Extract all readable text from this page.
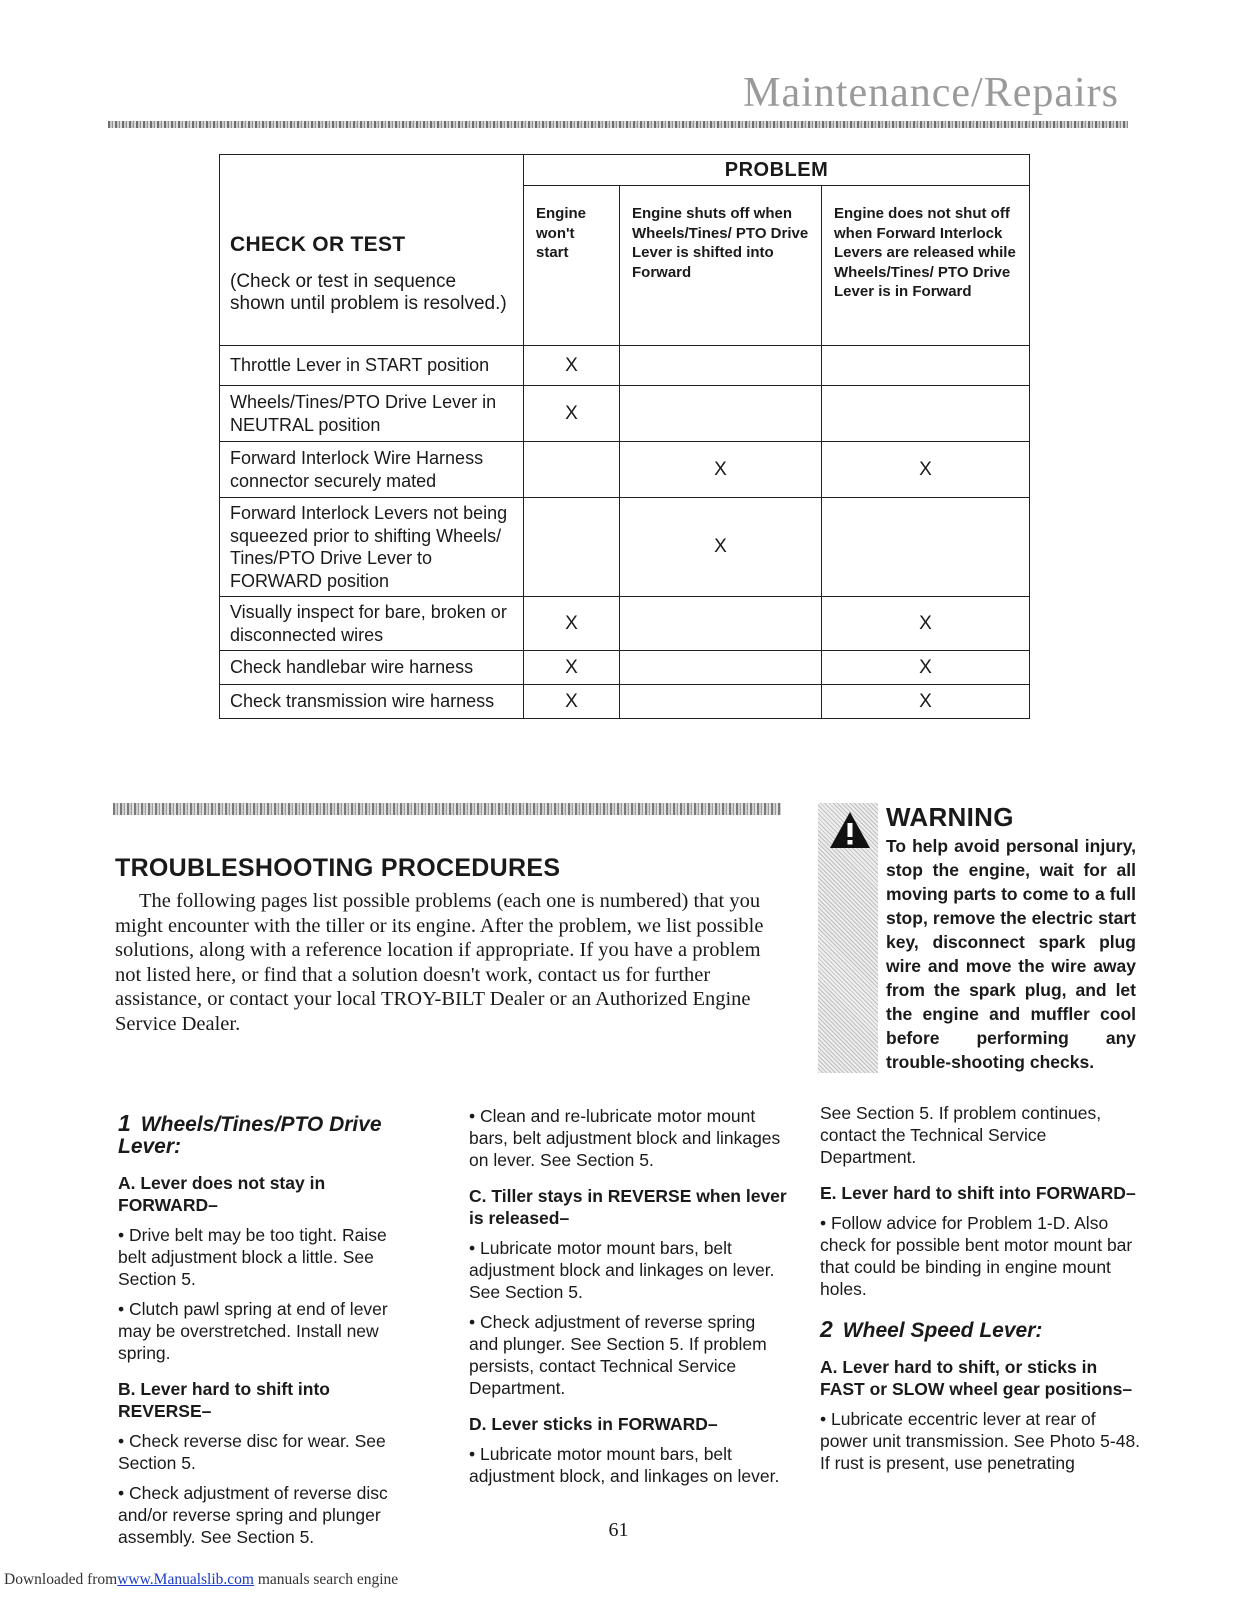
Maintenance/Repairs
CHECK OR TEST
(Check or test in sequence shown until problem is resolved.)	PROBLEM		
	Engine won't start	Engine shuts off when Wheels/Tines/ PTO Drive Lever is shifted into Forward	Engine does not shut off when Forward Interlock Levers are released while Wheels/Tines/ PTO Drive Lever is in Forward
Throttle Lever in START position	X		
Wheels/Tines/PTO Drive Lever in NEUTRAL position	X		
Forward Interlock Wire Harness connector securely mated		X	X
Forward Interlock Levers not being squeezed prior to shifting Wheels/ Tines/PTO Drive Lever to FORWARD position		X	
Visually inspect for bare, broken or disconnected wires	X		X
Check handlebar wire harness	X		X
Check transmission wire harness	X		X
TROUBLESHOOTING PROCEDURES
The following pages list possible problems (each one is numbered) that you might encounter with the tiller or its engine. After the problem, we list possible solutions, along with a reference location if appropriate. If you have a problem not listed here, or find that a solution doesn't work, contact us for further assistance, or contact your local TROY-BILT Dealer or an Authorized Engine Service Dealer.
WARNING
To help avoid personal injury, stop the engine, wait for all moving parts to come to a full stop, remove the electric start key, disconnect spark plug wire and move the wire away from the spark plug, and let the engine and muffler cool before performing any trouble-shooting checks.
1 Wheels/Tines/PTO Drive Lever:
A. Lever does not stay in FORWARD–

• Drive belt may be too tight. Raise belt adjustment block a little. See Section 5.

• Clutch pawl spring at end of lever may be overstretched. Install new spring.

B. Lever hard to shift into REVERSE–

• Check reverse disc for wear. See Section 5.

• Check adjustment of reverse disc and/or reverse spring and plunger assembly. See Section 5.

• Clean and re-lubricate motor mount bars, belt adjustment block and linkages on lever. See Section 5.

C. Tiller stays in REVERSE when lever is released–

• Lubricate motor mount bars, belt adjustment block and linkages on lever. See Section 5.

• Check adjustment of reverse spring and plunger. See Section 5. If problem persists, contact Technical Service Department.

D. Lever sticks in FORWARD–

• Lubricate motor mount bars, belt adjustment block, and linkages on lever.

See Section 5. If problem continues, contact the Technical Service Department.

E. Lever hard to shift into FORWARD–

• Follow advice for Problem 1-D. Also check for possible bent motor mount bar that could be binding in engine mount holes.

2 Wheel Speed Lever:
A. Lever hard to shift, or sticks in FAST or SLOW wheel gear positions–

• Lubricate eccentric lever at rear of power unit transmission. See Photo 5-48. If rust is present, use penetrating

61
Downloaded fromwww.Manualslib.com manuals search engine
